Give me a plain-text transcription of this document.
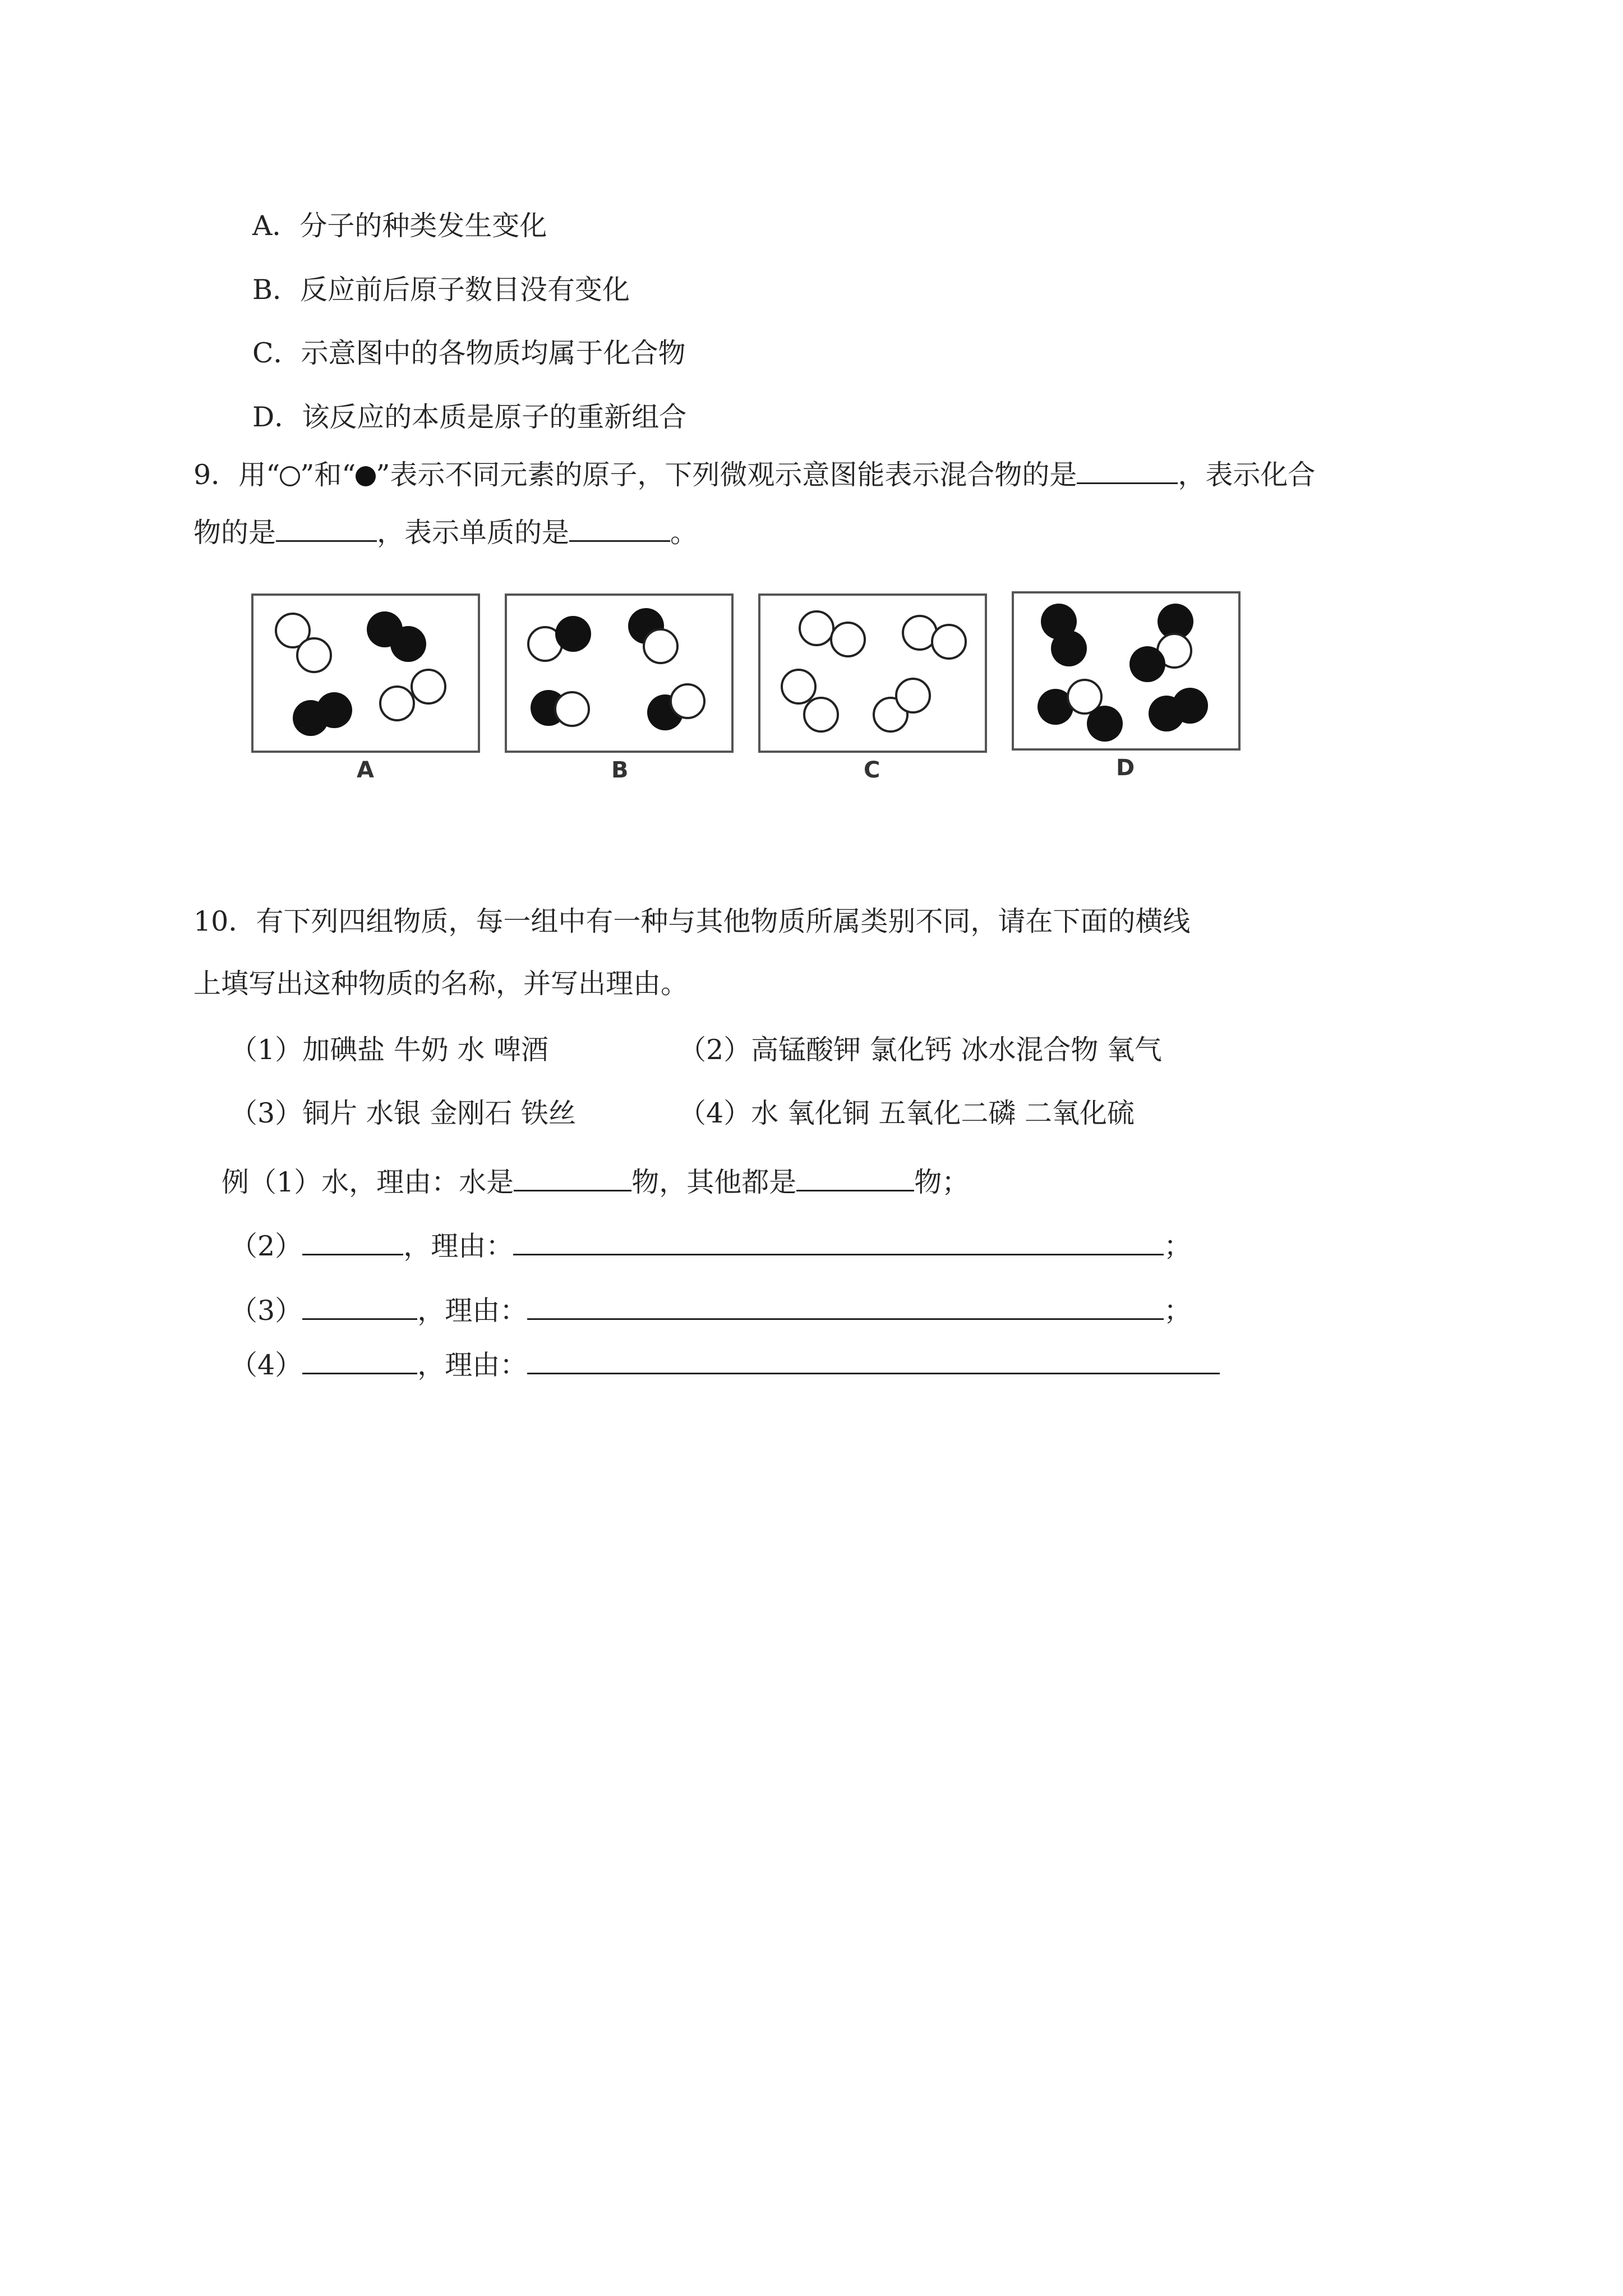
A．分子的种类发生变化
B．反应前后原子数目没有变化
C．示意图中的各物质均属于化合物
D．该反应的本质是原子的重新组合
9．用“ ”和“ ”表示不同元素的原子，下列微观示意图能表示混合物的是	，表示化合
物的是	，表示单质的是	。
A	B	C	D
10．有下列四组物质，每一组中有一种与其他物质所属类别不同，请在下面的横线
上填写出这种物质的名称，并写出理由。
（1）加碘盐 牛奶 水 啤酒	（2）高锰酸钾 氯化钙 冰水混合物 氧气
（3）铜片 水银 金刚石 铁丝	（4）水 氧化铜 五氧化二磷 二氧化硫
例（1）水，理由：水是	物，其他都是	物；
（2）	，理由：	；
（3）	，理由：	；
（4）	，理由：
